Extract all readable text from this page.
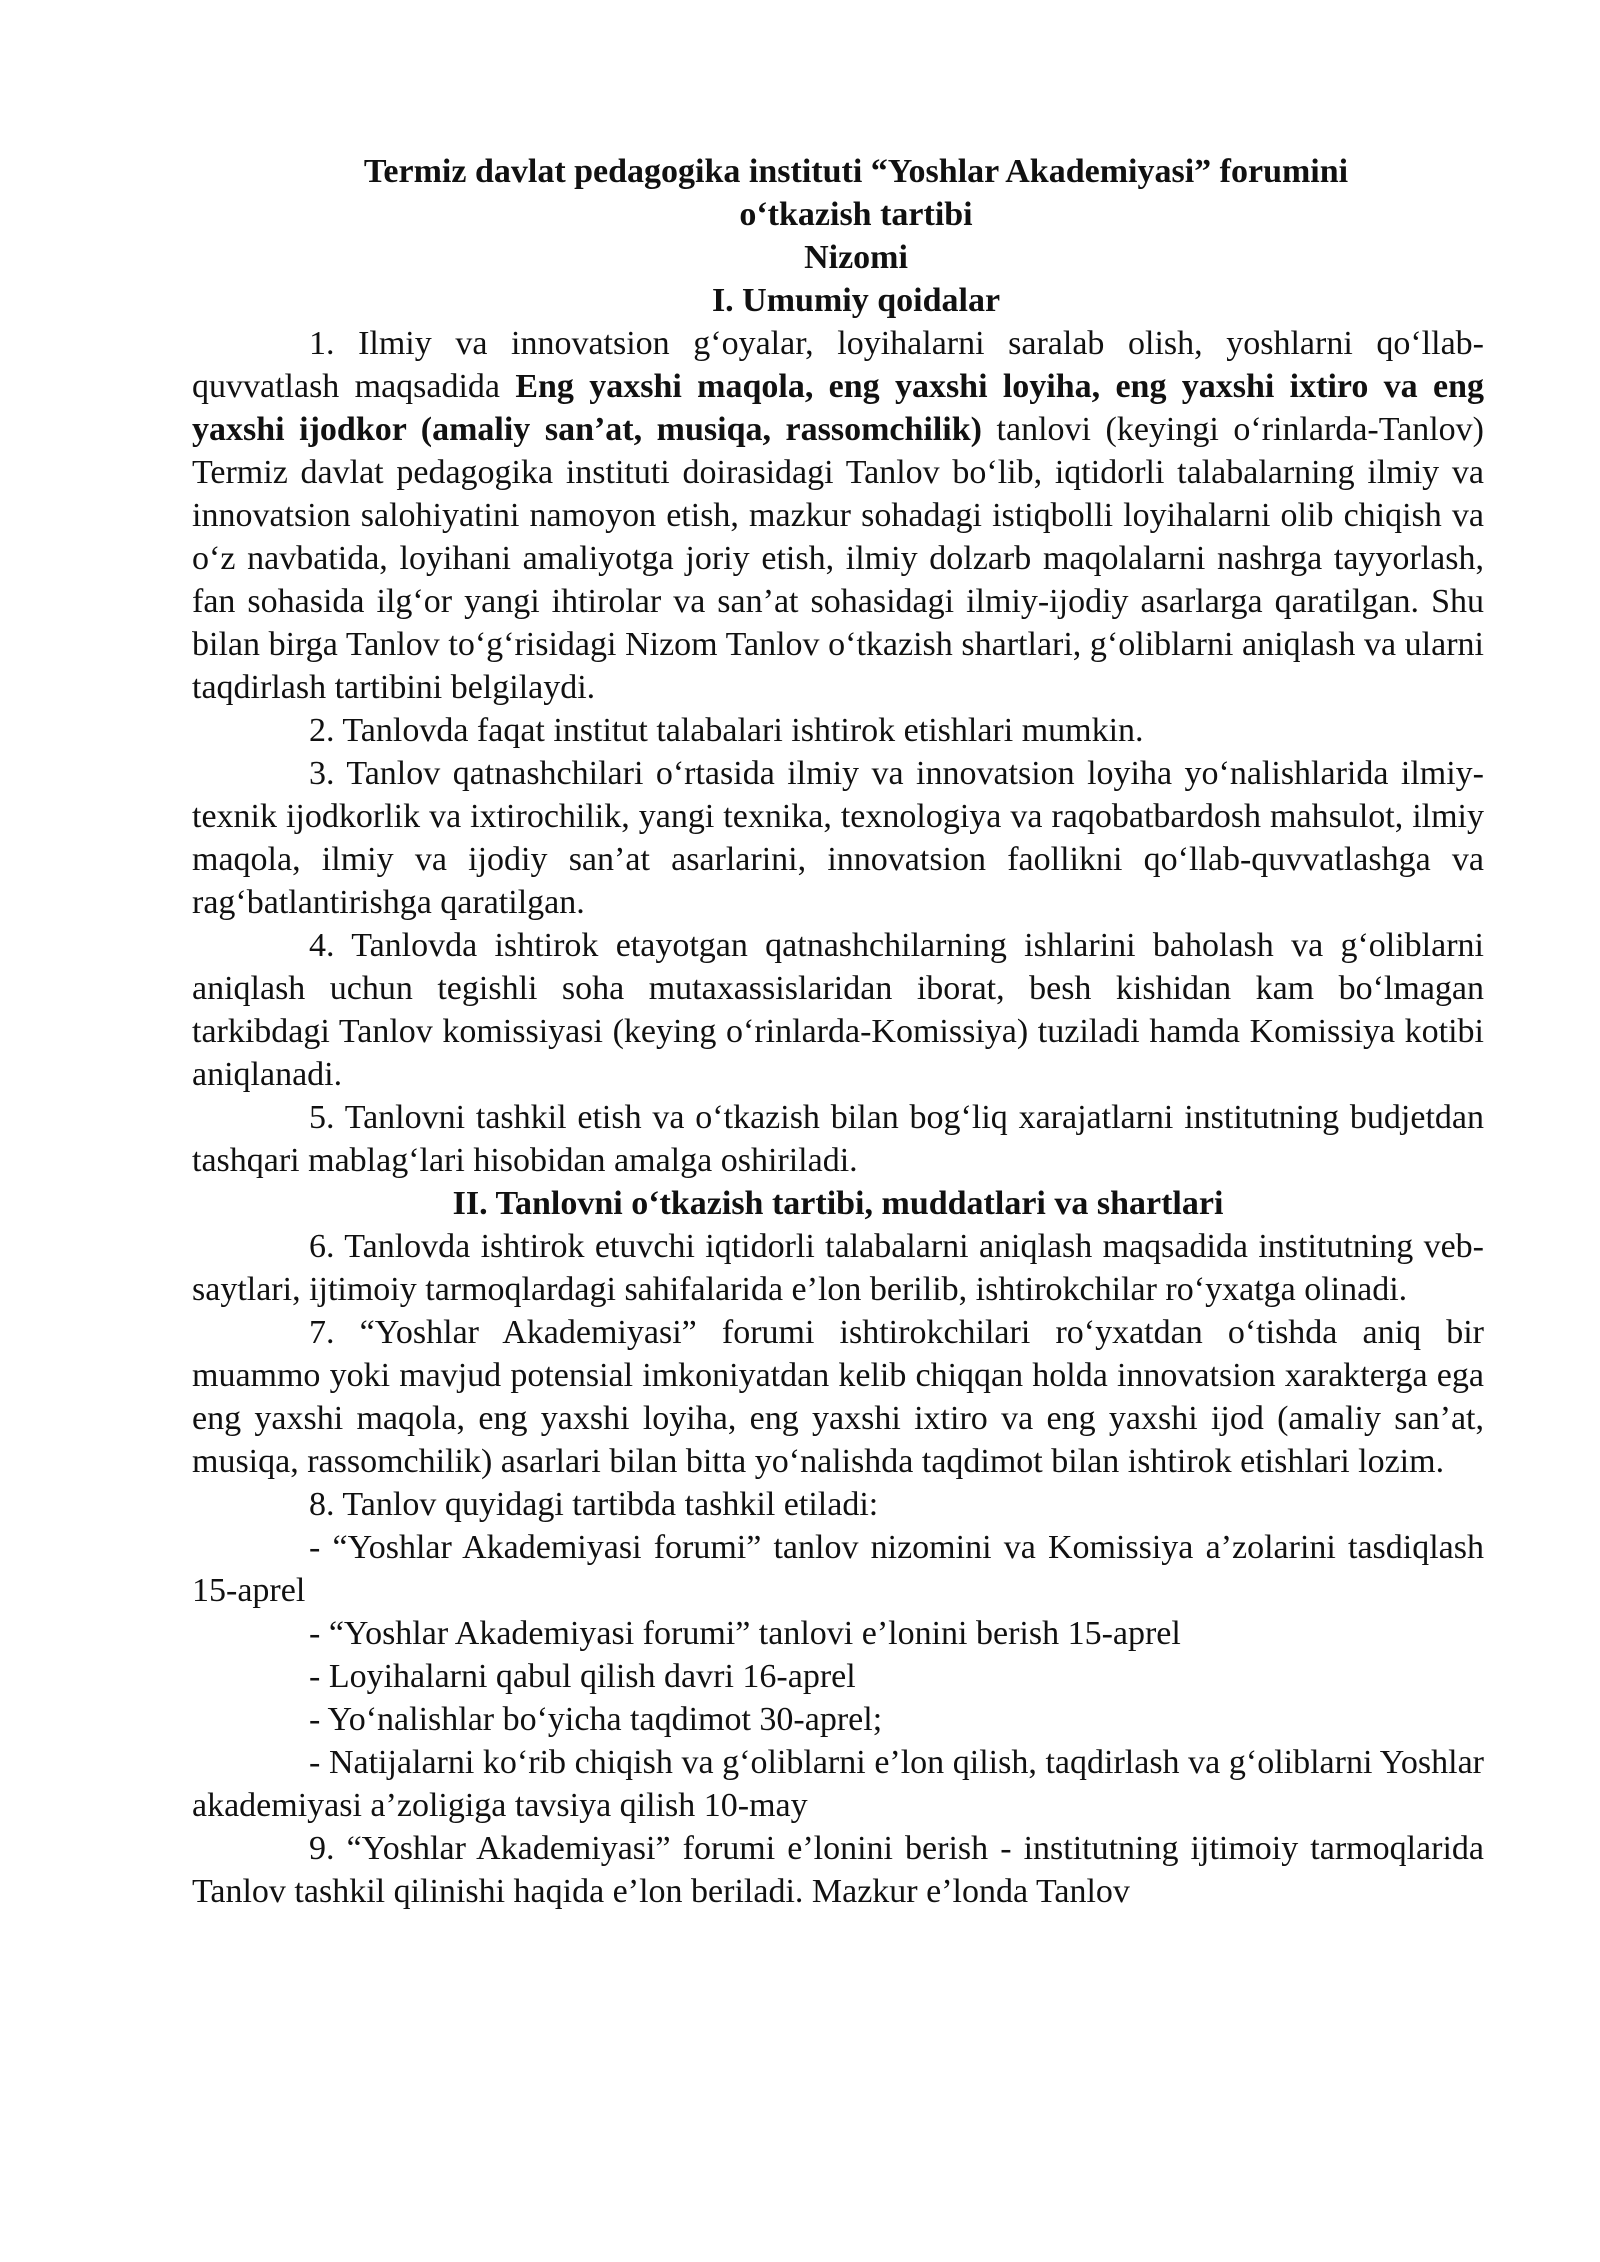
Termiz davlat pedagogika instituti “Yoshlar Akademiyasi” forumini
o‘tkazish tartibi
Nizomi
I. Umumiy qoidalar

1. Ilmiy va innovatsion g‘oyalar, loyihalarni saralab olish, yoshlarni qo‘llab-quvvatlash maqsadida Eng yaxshi maqola, eng yaxshi loyiha, eng yaxshi ixtiro va eng yaxshi ijodkor (amaliy san’at, musiqa, rassomchilik) tanlovi (keyingi o‘rinlarda-Tanlov) Termiz davlat pedagogika instituti doirasidagi Tanlov bo‘lib, iqtidorli talabalarning ilmiy va innovatsion salohiyatini namoyon etish, mazkur sohadagi istiqbolli loyihalarni olib chiqish va o‘z navbatida, loyihani amaliyotga joriy etish, ilmiy dolzarb maqolalarni nashrga tayyorlash, fan sohasida ilg‘or yangi ihtirolar va san’at sohasidagi ilmiy-ijodiy asarlarga qaratilgan. Shu bilan birga Tanlov to‘g‘risidagi Nizom Tanlov o‘tkazish shartlari, g‘oliblarni aniqlash va ularni taqdirlash tartibini belgilaydi.

2. Tanlovda faqat institut talabalari ishtirok etishlari mumkin.

3. Tanlov qatnashchilari o‘rtasida ilmiy va innovatsion loyiha yo‘nalishlarida ilmiy-texnik ijodkorlik va ixtirochilik, yangi texnika, texnologiya va raqobatbardosh mahsulot, ilmiy maqola, ilmiy va ijodiy san’at asarlarini, innovatsion faollikni qo‘llab-quvvatlashga va rag‘batlantirishga qaratilgan.

4. Tanlovda ishtirok etayotgan qatnashchilarning ishlarini baholash va g‘oliblarni aniqlash uchun tegishli soha mutaxassislaridan iborat, besh kishidan kam bo‘lmagan tarkibdagi Tanlov komissiyasi (keying o‘rinlarda-Komissiya) tuziladi hamda Komissiya kotibi aniqlanadi.

5. Tanlovni tashkil etish va o‘tkazish bilan bog‘liq xarajatlarni institutning budjetdan tashqari mablag‘lari hisobidan amalga oshiriladi.

II. Tanlovni o‘tkazish tartibi, muddatlari va shartlari

6. Tanlovda ishtirok etuvchi iqtidorli talabalarni aniqlash maqsadida institutning veb-saytlari, ijtimoiy tarmoqlardagi sahifalarida e’lon berilib, ishtirokchilar ro‘yxatga olinadi.

7. “Yoshlar Akademiyasi” forumi ishtirokchilari ro‘yxatdan o‘tishda aniq bir muammo yoki mavjud potensial imkoniyatdan kelib chiqqan holda innovatsion xarakterga ega eng yaxshi maqola, eng yaxshi loyiha, eng yaxshi ixtiro va eng yaxshi ijod (amaliy san’at, musiqa, rassomchilik) asarlari bilan bitta yo‘nalishda taqdimot bilan ishtirok etishlari lozim.

8. Tanlov quyidagi tartibda tashkil etiladi:

- “Yoshlar Akademiyasi forumi” tanlov nizomini va Komissiya a’zolarini tasdiqlash 15-aprel

- “Yoshlar Akademiyasi forumi” tanlovi e’lonini berish 15-aprel

- Loyihalarni qabul qilish davri 16-aprel

- Yo‘nalishlar bo‘yicha taqdimot 30-aprel;

- Natijalarni ko‘rib chiqish va g‘oliblarni e’lon qilish, taqdirlash va g‘oliblarni Yoshlar akademiyasi a’zoligiga tavsiya qilish 10-may

9. “Yoshlar Akademiyasi” forumi e’lonini berish - institutning ijtimoiy tarmoqlarida Tanlov tashkil qilinishi haqida e’lon beriladi. Mazkur e’londa Tanlov
